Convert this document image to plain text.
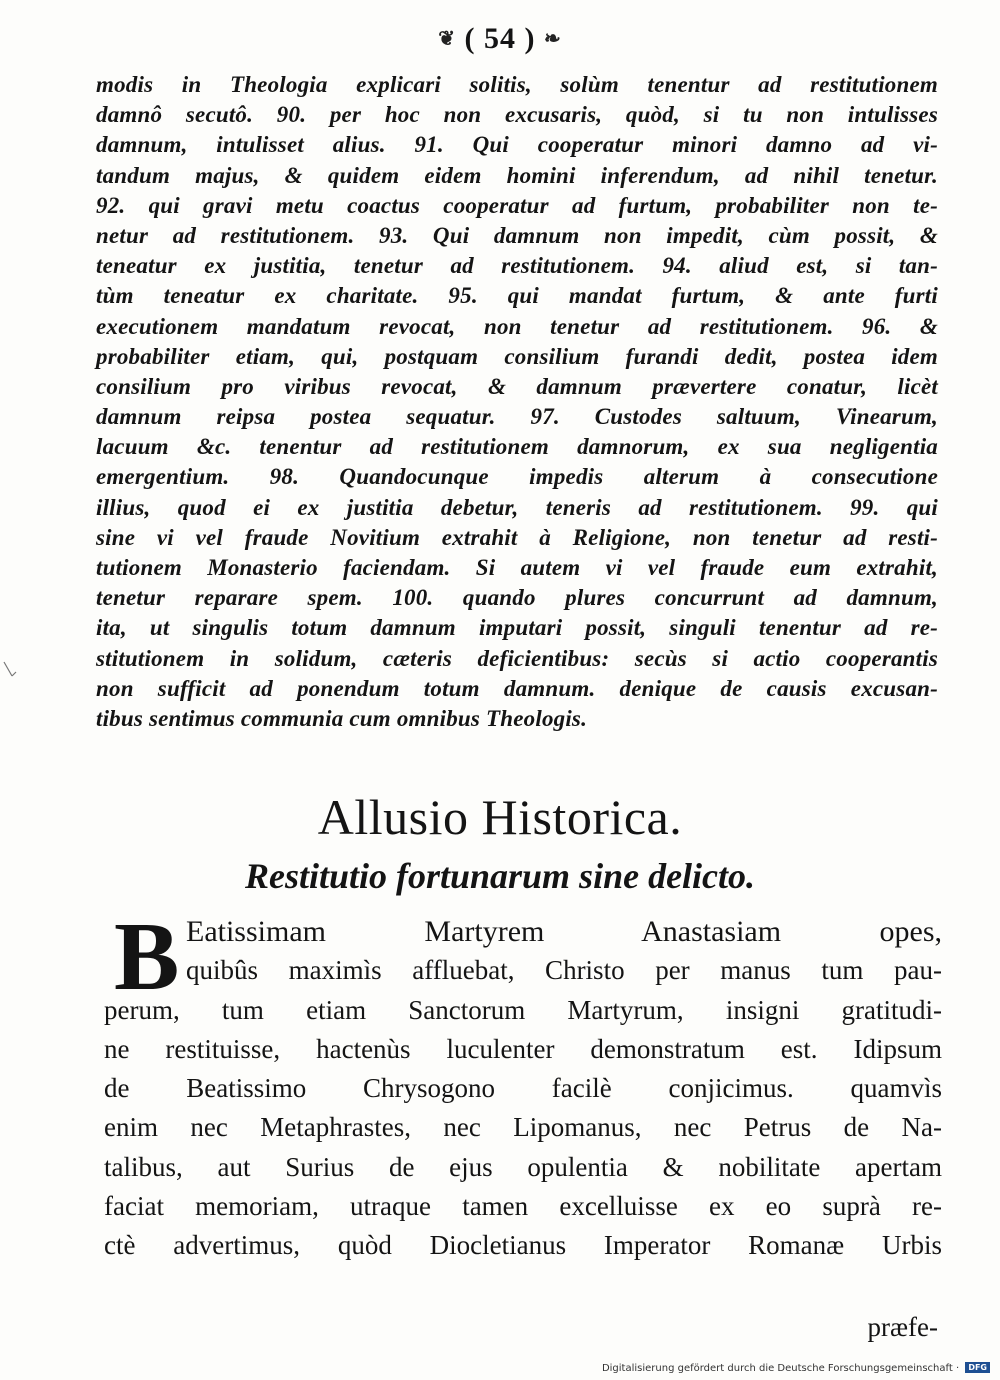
❦ ( 54 ) ❧
modis in Theologia explicari solitis, solùm tenentur ad restitutionem
damnô secutô. 90. per hoc non excusaris, quòd, si tu non intulisses
damnum, intulisset alius. 91. Qui cooperatur minori damno ad vi-
tandum majus, & quidem eidem homini inferendum, ad nihil tenetur.
92. qui gravi metu coactus cooperatur ad furtum, probabiliter non te-
netur ad restitutionem. 93. Qui damnum non impedit, cùm possit, &
teneatur ex justitia, tenetur ad restitutionem. 94. aliud est, si tan-
tùm teneatur ex charitate. 95. qui mandat furtum, & ante furti
executionem mandatum revocat, non tenetur ad restitutionem. 96. &
probabiliter etiam, qui, postquam consilium furandi dedit, postea idem
consilium pro viribus revocat, & damnum prævertere conatur, licèt
damnum reipsa postea sequatur. 97. Custodes saltuum, Vinearum,
lacuum &c. tenentur ad restitutionem damnorum, ex sua negligentia
emergentium. 98. Quandocunque impedis alterum à consecutione
illius, quod ei ex justitia debetur, teneris ad restitutionem. 99. qui
sine vi vel fraude Novitium extrahit à Religione, non tenetur ad resti-
tutionem Monasterio faciendam. Si autem vi vel fraude eum extrahit,
tenetur reparare spem. 100. quando plures concurrunt ad damnum,
ita, ut singulis totum damnum imputari possit, singuli tenentur ad re-
stitutionem in solidum, cæteris deficientibus: secùs si actio cooperantis
non sufficit ad ponendum totum damnum. denique de causis excusan-
tibus sentimus communia cum omnibus Theologis.
Allusio Historica.
Restitutio fortunarum sine delicto.
B Eatissimam Martyrem Anastasiam opes,
quibûs maximìs affluebat, Christo per manus tum pau-
perum, tum etiam Sanctorum Martyrum, insigni gratitudi-
ne restituisse, hactenùs luculenter demonstratum est. Idipsum
de Beatissimo Chrysogono facilè conjicimus. quamvìs
enim nec Metaphrastes, nec Lipomanus, nec Petrus de Na-
talibus, aut Surius de ejus opulentia & nobilitate apertam
faciat memoriam, utraque tamen excelluisse ex eo suprà re-
ctè advertimus, quòd Diocletianus Imperator Romanæ Urbis
præfe-
Digitalisierung gefördert durch die Deutsche Forschungsgemeinschaft · DFG
